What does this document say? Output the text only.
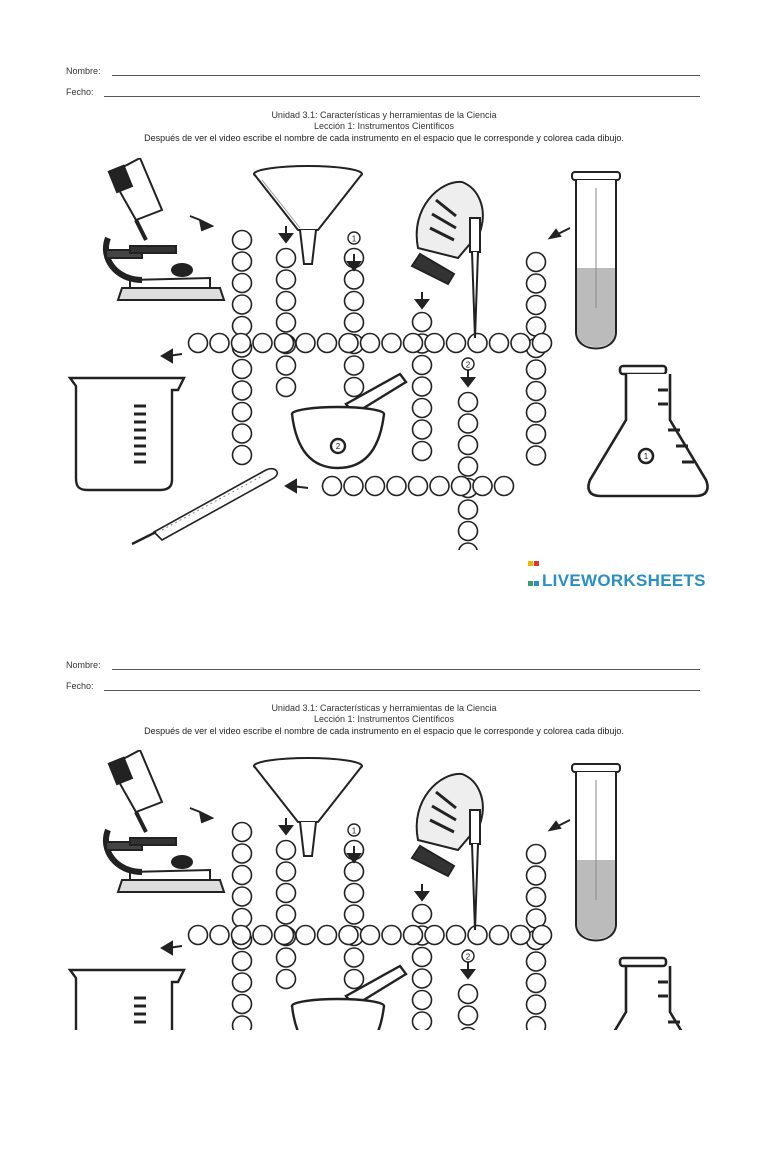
Nombre:
Fecho:
Unidad 3.1: Características y herramientas de la Ciencia
Lección 1: Instrumentos Científicos
Después de ver el video escribe el nombre de cada instrumento en el espacio que le corresponde y colorea cada dibujo.
1
2
2
1
LIVEWORKSHEETS
Nombre:
Fecho:
Unidad 3.1: Características y herramientas de la Ciencia
Lección 1: Instrumentos Científicos
Después de ver el video escribe el nombre de cada instrumento en el espacio que le corresponde y colorea cada dibujo.
1
2
